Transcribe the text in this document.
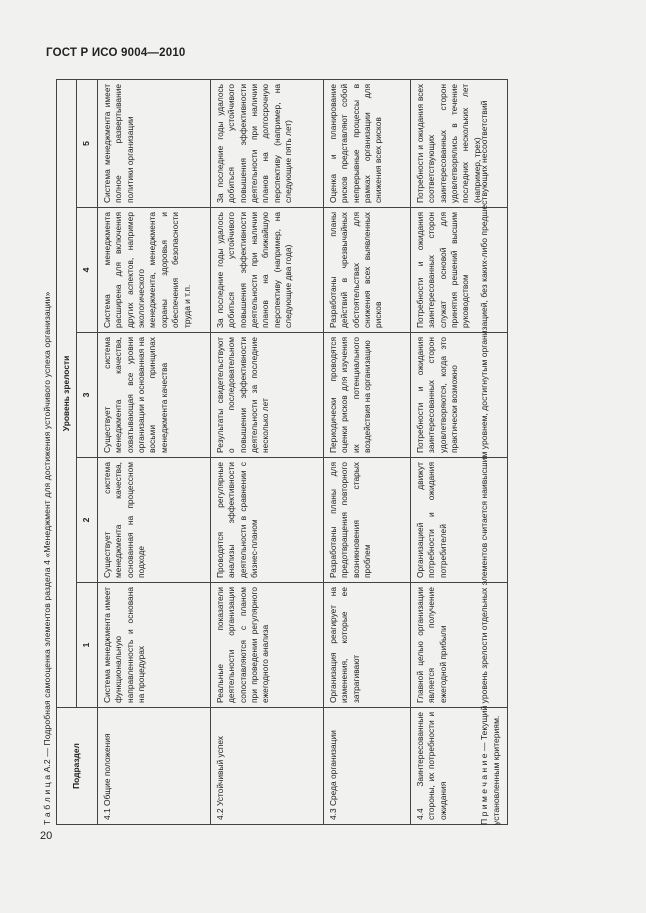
ГОСТ Р ИСО 9004—2010
20
Т а б л и ц а А.2 — Подробная самооценка элементов раздела 4 «Менеджмент для достижения устойчивого успеха организации» Подраздел	Уровень зрелости				
	1	2	3	4	5
4.1 Общие положения	Система менеджмента имеет функциональную направленность и основана на процедурах	Существует система менеджмента качества, основанная на процессном подходе	Существует система менеджмента качества, охватывающая все уровни организации и основанная на восьми принципах менеджмента качества	Система менеджмента расширена для включения других аспектов, например экологического менеджмента, менеджмента охраны здоровья и обеспечения безопасности труда и т.п.	Система менеджмента имеет полное развертывание политики организации
4.2 Устойчивый успех	Реальные показатели деятельности организации сопоставляются с планом при проведении регулярного ежегодного анализа	Проводятся регулярные анализы эффективности деятельности в сравнении с бизнес-планом	Результаты свидетельствуют о последовательном повышении эффективности деятельности за последние несколько лет	За последние годы удалось добиться устойчивого повышения эффективности деятельности при наличии планов на ближайшую перспективу (например, на следующие два года)	За последние годы удалось добиться устойчивого повышения эффективности деятельности при наличии планов на долгосрочную перспективу (например, на следующие пять лет)
4.3 Среда организации	Организация реагирует на изменения, которые ее затрагивают	Разработаны планы для предотвращения повторного возникновения старых проблем	Периодически проводятся оценки рисков для изучения их потенциального воздействия на организацию	Разработаны планы действий в чрезвычайных обстоятельствах для снижения всех выявленных рисков	Оценка и планирование рисков представляют собой непрерывные процессы в рамках организации для снижения всех рисков
4.4 Заинтересованные стороны, их потребности и ожидания	Главной целью организации является получение ежегодной прибыли	Организацией движут потребности и ожидания потребителей	Потребности и ожидания заинтересованных сторон удовлетворяются, когда это практически возможно	Потребности и ожидания заинтересованных сторон служат основой для принятия решений высшим руководством	Потребности и ожидания всех соответствующих заинтересованных сторон удовлетворялись в течение последних нескольких лет (например, трех)
П р и м е ч а н и е — Текущий уровень зрелости отдельных элементов считается наивысшим уровнем, достигнутым организацией, без каких-либо предшествующих несоответствий установленным критериям.
